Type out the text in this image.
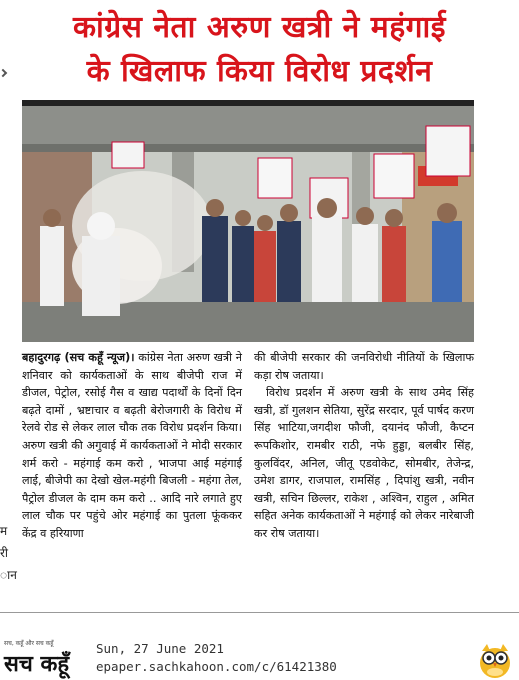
कांग्रेस नेता अरुण खत्री ने महंगाई
के खिलाफ किया विरोध प्रदर्शन
म
री
ान

बहादुरगढ़ (सच कहूँ न्यूज)। कांग्रेस नेता अरुण खत्री ने शनिवार को कार्यकताओं के साथ बीजेपी राज में डीजल, पेट्रोल, रसोई गैस व खाद्य पदार्थों के दिनों दिन बढ़ते दामों , भ्रष्टाचार व बढ़ती बेरोजगारी के विरोध में रेलवे रोड से लेकर लाल चौक तक विरोध प्रदर्शन किया। अरुण खत्री की अगुवाई में कार्यकताओं ने मोदी सरकार शर्म करो - महंगाई कम करो , भाजपा आई महंगाई लाई, बीजेपी का देखो खेल-महंगी बिजली - महंगा तेल, पैट्रोल डीजल के दाम कम करो .. आदि नारे लगाते हुए लाल चौक पर पहुंचे ओर महंगाई का पुतला फूंककर केंद्र व हरियाणा

की बीजेपी सरकार की जनविरोधी नीतियों के खिलाफ कड़ा रोष जताया।

विरोध प्रदर्शन में अरुण खत्री के साथ उमेद सिंह खत्री, डॉ गुलशन सेतिया, सुरेंद्र सरदार, पूर्व पार्षद करण सिंह भाटिया,जगदीश फौजी, दयानंद फौजी, कैप्टन रूपकिशोर, रामबीर राठी, नफे हुड्डा, बलबीर सिंह, कुलविंदर, अनिल, जीतू एडवोकेट, सोमबीर, तेजेन्द्र, उमेश डागर, राजपाल, रामसिंह , दिपांशु खत्री, नवीन खत्री, सचिन छिल्लर, राकेश , अश्विन, राहुल , अमित सहित अनेक कार्यकताओं ने महंगाई को लेकर नारेबाजी कर रोष जताया।

सच, कहूँ और सच कहूँ
सच कहूँ
Sun, 27 June 2021
epaper.sachkahoon.com/c/61421380
